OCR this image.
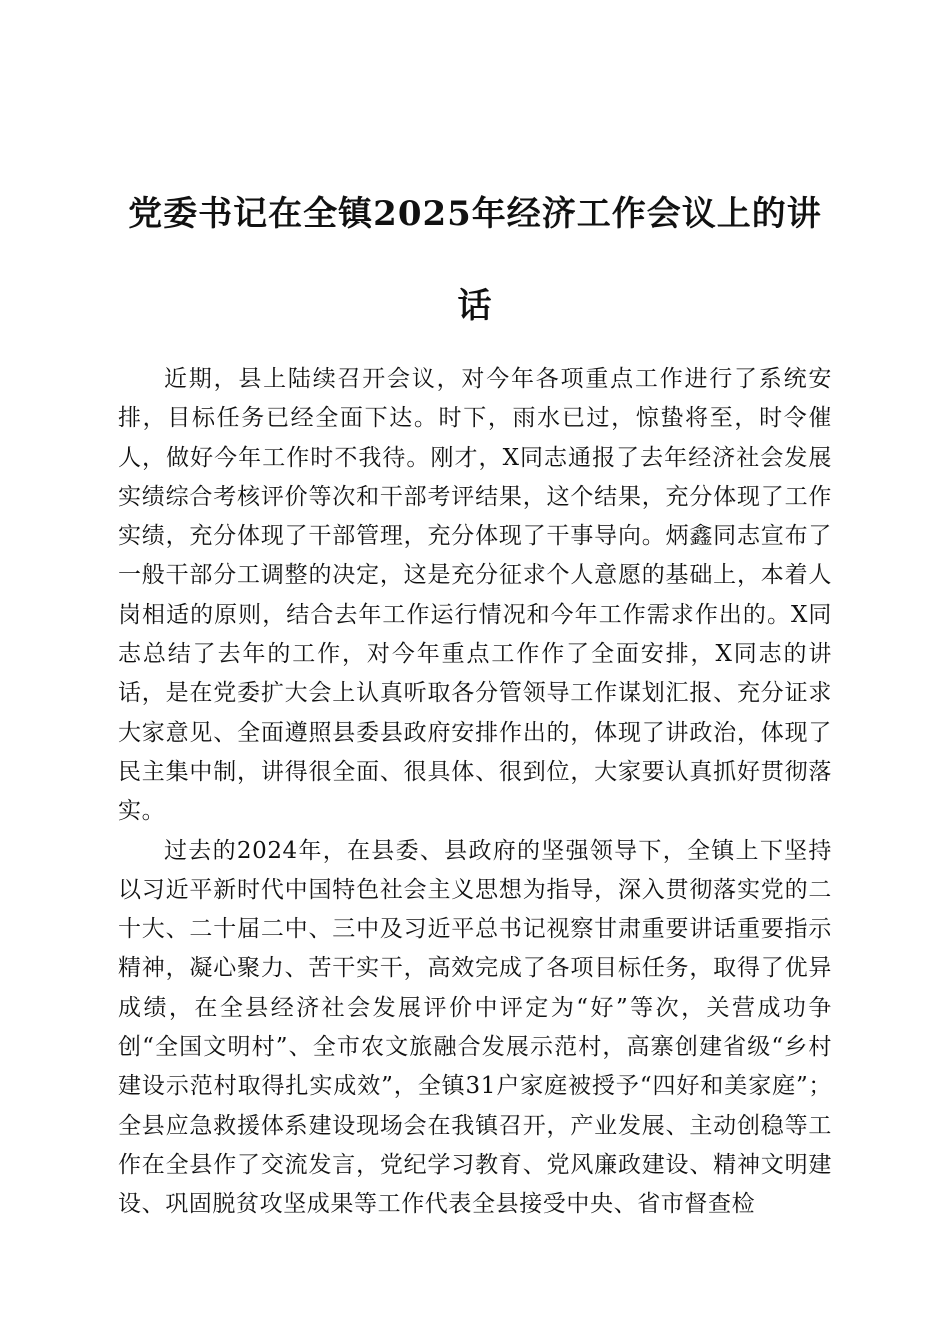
党委书记在全镇2025年经济工作会议上的讲话

近期，县上陆续召开会议，对今年各项重点工作进行了系统安排，目标任务已经全面下达。时下，雨水已过，惊蛰将至，时令催人，做好今年工作时不我待。刚才，X同志通报了去年经济社会发展实绩综合考核评价等次和干部考评结果，这个结果，充分体现了工作实绩，充分体现了干部管理，充分体现了干事导向。炳鑫同志宣布了一般干部分工调整的决定，这是充分征求个人意愿的基础上，本着人岗相适的原则，结合去年工作运行情况和今年工作需求作出的。X同志总结了去年的工作，对今年重点工作作了全面安排，X同志的讲话，是在党委扩大会上认真听取各分管领导工作谋划汇报、充分证求大家意见、全面遵照县委县政府安排作出的，体现了讲政治，体现了民主集中制，讲得很全面、很具体、很到位，大家要认真抓好贯彻落实。

过去的2024年，在县委、县政府的坚强领导下，全镇上下坚持以习近平新时代中国特色社会主义思想为指导，深入贯彻落实党的二十大、二十届二中、三中及习近平总书记视察甘肃重要讲话重要指示精神，凝心聚力、苦干实干，高效完成了各项目标任务，取得了优异成绩，在全县经济社会发展评价中评定为“好”等次，关营成功争创“全国文明村”、全市农文旅融合发展示范村，高寨创建省级“乡村建设示范村取得扎实成效”，全镇31户家庭被授予“四好和美家庭”；全县应急救援体系建设现场会在我镇召开，产业发展、主动创稳等工作在全县作了交流发言，党纪学习教育、党风廉政建设、精神文明建设、巩固脱贫攻坚成果等工作代表全县接受中央、省市督查检
